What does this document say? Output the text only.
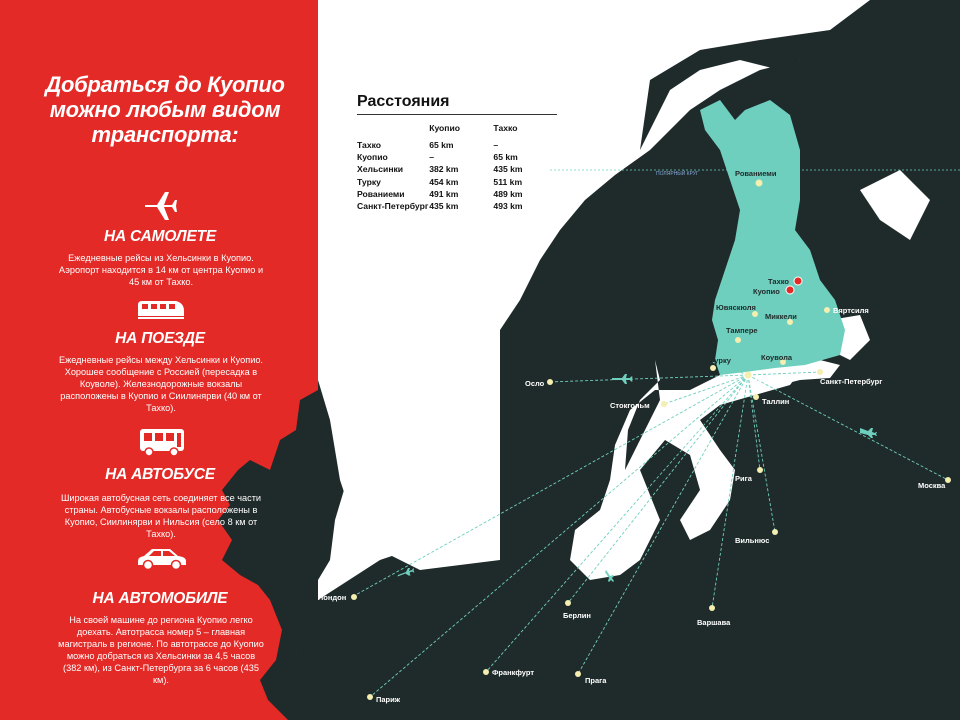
ПОЛЯРНЫЙ КРУГ	Рованиеми
Тахко
Куопио
Ювяскюля
Миккели
Вяртсиля
Тампере
Турку	Коувола
Хельсинки
Осло
Стокгольм	Таллин
Санкт-Петербург
Москва
Рига
Вильнюс
Лондон
Берлин
Варшава
Франкфурт
Прага
Париж
Добраться до Куопио
можно любым видом
транспорта:
НА САМОЛЕТЕ
Ежедневные рейсы из Хельсинки в Куопио. Аэропорт находится в 14 км от центра Куопио и 45 км от Тахко.
НА ПОЕЗДЕ
Ежедневные рейсы между Хельсинки и Куопио. Хорошее сообщение с Россией (пересадка в Коуволе). Железнодорожные вокзалы расположены в Куопио и Сиилинярви (40 км от Тахко).
НА АВТОБУСЕ
Широкая автобусная сеть соединяет все части страны. Автобусные вокзалы расположены в Куопио, Сиилинярви и Нильсия (село 8 км от Тахко).
НА АВТОМОБИЛЕ
На своей машине до региона Куопио легко доехать. Автотрасса номер 5 – главная магистраль в регионе. По автотрассе до Куопио можно добраться из Хельсинки за 4,5 часов (382 км), из Санкт-Петербурга за 6 часов (435 км).
Расстояния
	Куопио	Тахко
Тахко	65 km	–
Куопио	–	65 km
Хельсинки	382 km	435 km
Турку	454 km	511 km
Рованиеми	491 km	489 km
Санкт-Петербург	435 km	493 km
